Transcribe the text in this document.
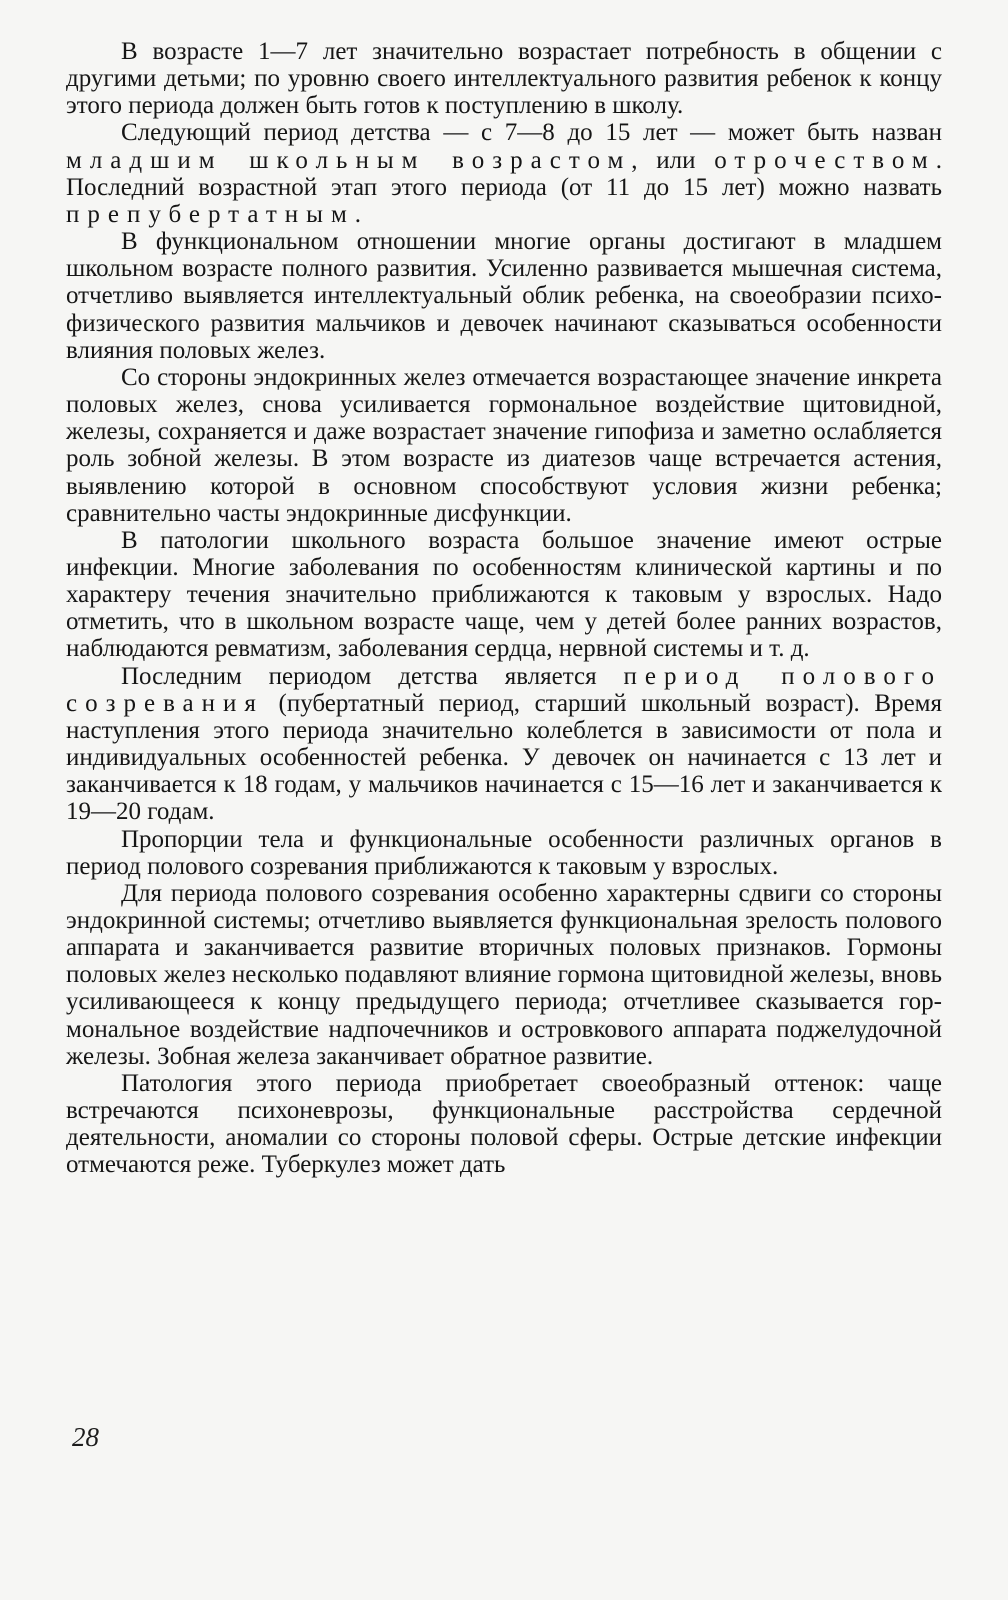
В возрасте 1—7 лет значительно возрастает потребность в общении с другими детьми; по уровню своего интеллектуального развития ребенок к концу этого периода должен быть готов к поступлению в школу.

Следующий период детства — с 7—8 до 15 лет — может быть назван младшим школьным возрастом, или отрочеством. Последний возрастной этап этого периода (от 11 до 15 лет) можно назвать препубертатным.

В функциональном отношении многие органы достигают в младшем школьном возрасте полного развития. Усиленно развивается мышечная система, отчетливо выявляется интеллектуальный облик ребенка, на своеобразии психо-физического развития мальчиков и девочек начинают сказываться особенности влияния половых желез.

Со стороны эндокринных желез отмечается возрастающее значение инкрета половых желез, снова усиливается гормональное воздействие щитовидной, железы, сохраняется и даже возрастает значение гипофиза и заметно ослабляется роль зобной железы. В этом возрасте из диатезов чаще встречается астения, выявлению которой в основном способствуют условия жизни ребенка; сравнительно часты эндокринные дисфункции.

В патологии школьного возраста большое значение имеют острые инфекции. Многие заболевания по особенностям клинической картины и по характеру течения значительно приближаются к таковым у взрослых. Надо отметить, что в школьном возрасте чаще, чем у детей более ранних возрастов, наблюдаются ревматизм, заболевания сердца, нервной системы и т. д.

Последним периодом детства является период полового созревания (пубертатный период, старший школьный возраст). Время наступления этого периода значительно колеблется в зависимости от пола и индивидуальных особенностей ребенка. У девочек он начинается с 13 лет и заканчивается к 18 годам, у мальчиков начинается с 15—16 лет и заканчивается к 19—20 годам.

Пропорции тела и функциональные особенности различных органов в период полового созревания приближаются к таковым у взрослых.

Для периода полового созревания особенно характерны сдвиги со стороны эндокринной системы; отчетливо выявляется функциональная зрелость полового аппарата и заканчивается развитие вторичных половых признаков. Гормоны половых желез несколько подавляют влияние гормона щитовидной железы, вновь усиливающееся к концу предыдущего периода; отчетливее сказывается гормональное воздействие надпочечников и островкового аппарата поджелудочной железы. Зобная железа заканчивает обратное развитие.

Патология этого периода приобретает своеобразный оттенок: чаще встречаются психоневрозы, функциональные расстройства сердечной деятельности, аномалии со стороны половой сферы. Острые детские инфекции отмечаются реже. Туберкулез может дать

28
